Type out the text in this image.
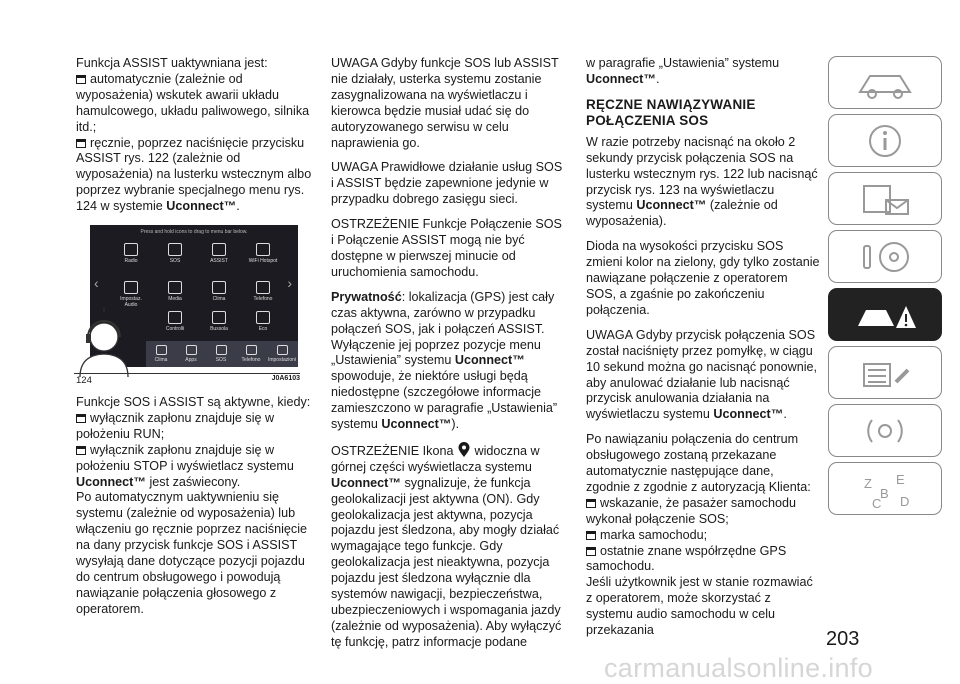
Funkcja ASSIST uaktywniana jest:

automatycznie (zależnie od wyposażenia) wskutek awarii układu hamulcowego, układu paliwowego, silnika itd.;

ręcznie, poprzez naciśnięcie przycisku ASSIST rys. 122 (zależnie od wyposażenia) na lusterku wstecznym albo poprzez wybranie specjalnego menu rys. 124 w systemie Uconnect™.

Press and hold icons to drag to menu bar below.
‹	›
Radio	SOS	ASSIST	WiFi Hotspot
Impostaz. Audio
Media	Clima	Telefono
Controlli	Bussola	Eco
Clima	Apps	SOS	Telefono	Impostazioni
124	J0A6103

Funkcje SOS i ASSIST są aktywne, kiedy:

wyłącznik zapłonu znajduje się w położeniu RUN;

wyłącznik zapłonu znajduje się w położeniu STOP i wyświetlacz systemu Uconnect™ jest zaświecony.

Po automatycznym uaktywnieniu się systemu (zależnie od wyposażenia) lub włączeniu go ręcznie poprzez naciśnięcie na dany przycisk funkcje SOS i ASSIST wysyłają dane dotyczące pozycji pojazdu do centrum obsługowego i powodują nawiązanie połączenia głosowego z operatorem.

UWAGA Gdyby funkcje SOS lub ASSIST nie działały, usterka systemu zostanie zasygnalizowana na wyświetlaczu i kierowca będzie musiał udać się do autoryzowanego serwisu w celu naprawienia go.

UWAGA Prawidłowe działanie usług SOS i ASSIST będzie zapewnione jedynie w przypadku dobrego zasięgu sieci.

OSTRZEŻENIE Funkcje Połączenie SOS i Połączenie ASSIST mogą nie być dostępne w pierwszej minucie od uruchomienia samochodu.

Prywatność: lokalizacja (GPS) jest cały czas aktywna, zarówno w przypadku połączeń SOS, jak i połączeń ASSIST. Wyłączenie jej poprzez pozycje menu „Ustawienia” systemu Uconnect™ spowoduje, że niektóre usługi będą niedostępne (szczegółowe informacje zamieszczono w paragrafie „Ustawienia” systemu Uconnect™).

OSTRZEŻENIE Ikona widoczna w górnej części wyświetlacza systemu Uconnect™ sygnalizuje, że funkcja geolokalizacji jest aktywna (ON). Gdy geolokalizacja jest aktywna, pozycja pojazdu jest śledzona, aby mogły działać wymagające tego funkcje. Gdy geolokalizacja jest nieaktywna, pozycja pojazdu jest śledzona wyłącznie dla systemów nawigacji, bezpieczeństwa, ubezpieczeniowych i wspomagania jazdy (zależnie od wyposażenia). Aby wyłączyć tę funkcję, patrz informacje podane

w paragrafie „Ustawienia” systemu Uconnect™.

RĘCZNE NAWIĄZYWANIE POŁĄCZENIA SOS

W razie potrzeby nacisnąć na około 2 sekundy przycisk połączenia SOS na lusterku wstecznym rys. 122 lub nacisnąć przycisk rys. 123 na wyświetlaczu systemu Uconnect™ (zależnie od wyposażenia).

Dioda na wysokości przycisku SOS zmieni kolor na zielony, gdy tylko zostanie nawiązane połączenie z operatorem SOS, a zgaśnie po zakończeniu połączenia.

UWAGA Gdyby przycisk połączenia SOS został naciśnięty przez pomyłkę, w ciągu 10 sekund można go nacisnąć ponownie, aby anulować działanie lub nacisnąć przycisk anulowania działania na wyświetlaczu systemu Uconnect™.

Po nawiązaniu połączenia do centrum obsługowego zostaną przekazane automatycznie następujące dane, zgodnie z zgodnie z autoryzacją Klienta:

wskazanie, że pasażer samochodu wykonał połączenie SOS;

marka samochodu;

ostatnie znane współrzędne GPS samochodu.

Jeśli użytkownik jest w stanie rozmawiać z operatorem, może skorzystać z systemu audio samochodu w celu przekazania

Z E
B
C D
203
carmanualsonline.info
